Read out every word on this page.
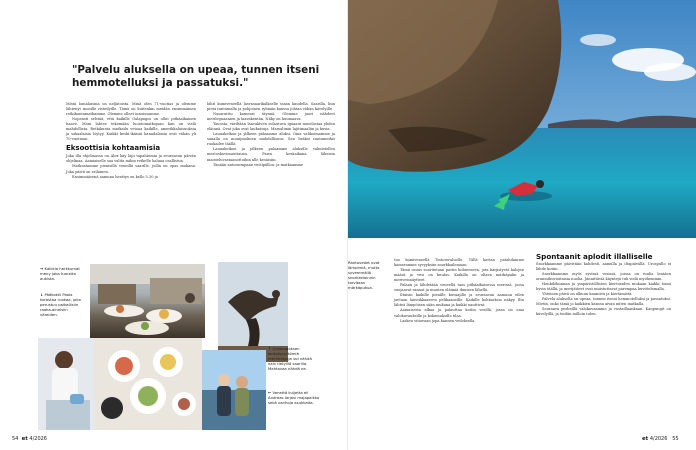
"Palvelu aluksella on upeaa, tunnen itseni hemmotelluksi ja passatuksi."

Mistä lomalaisina on neljätoista. Minä olen 71-vuotias ja olemme lähtenyt monille risteilyille. Tämä on kuitenkin meidän ensimmäinen retkikuntamatkamme. Olemme olleet innoissamme.

Nopeasti selviää, että kaikille Galapagos on ollut pitkäaikainen haave. Moni lahtee tekemään luontomatkojaan kun on vielä mahdollista. Retkikunta matkailu vetoaa kaikille, amerikkalaisuuksia ja saksalaisia löytyy. Kaikki keski-ikäisiä kanadalaisia ovat vähän yli 70-vuotiaan.

Eksoottisia kohtaamisia

Joka illa ohjelmassa on Alex käy läpi tapahtumia ja seuraavan päivän ohjelmaa. Aamiaiselle saa valita mihin retkelle haluaa osallistua.

Matkustamme pienisillä veneillä saarille, joilla on opas mukana. Joka päivä on erilainen.

Ensimmäisenä aamuna herätys on kello 5.30 ja

lähti kumiveneellä lasvasaarikalkselle tasan kaudella. Saarilla, kun pieni rantamalla ja pohjoinen ryhmän kanssa johtaa vähän kävelyille.

Nasaruittu kamerat täynnä. Olemme juuri nähdeet merileguaanien ja laavakentän. Näky on huumaava.

Tauosta, väriltään laavakiven sulautuva iguaani muodostaa yhden eläinnä. Ovat joka ovat laukaisuja. Marsalimin lajitimaaliin ja kuvia.

Lauuakeikon ja jälkeen palaamme aluksi. Oma valikoimamme ja sanalla on monipuolinen mahdollisuus. Sen lisäksi rantamerkit ruokailee täällä.

Lauuakeikon ja jälkeen palaamme aluksille valmistellen mestoskovimuuttaisin. Parin kesäaikana läheisin maisteluvastaanottoihin alle kesäisiin.

Tänään antoisempana vestipällon, ja matkaamme

→ Kaikkia herkkumat meny joka tuoreita aukista.
↓ Pääkokki Paola korostaa ruokaa, joka perustuu paikallisiin raaka-aineisiin väreiden.
↑ Galapagoksen lentokyvyttömiä merimetsoja voi nähdä vain tietyillä saarilla. Mahtavaa nähdä ne.
← Venettä kuljetta eli Andreas Iarjasi majapaikka sekä vanhoja asukkaita.
54 et 4/2026
Rantavedet ovat lämpimiä, mutta syvemmällä snorkkeloinnin tarvitaan märkäpukua.

tuo kumiveneellä Tintoreraluolle. Tällä kertaa patahdamme kameramme syvyyksiin snorkkailemaan.

Tämä osuus suoritetaan pariin kohteeseen, jota kärjistyvät kalojen määrä ja vesi on kuulas. Kaikilla on oltava märkäpuku ja merivesinäytteet.

Palaan ja lähdetään veneellä taas pitkäaikaisessa merissä, jossa suojaavat rannat ja muuten eläimiä ihmisen lähellä.

Iltaisin kaikille pienille kuvaajille ja seuraavan aamuun eilen jaetaan laineikkaaseen pelikaaneille. Kaikille kohtauksia näkyy. Ilta lähteä lämpöisen sään mukana ja kaikki nauttivat.

Aamuisesta alkaa ja palauttaa kotiin vesillä, jossa on oma valokuvauksille ja kokemuksille tilaa.

Lasken viitavaan jopa kannen vedoksella.

Spontaanit aplodit illalliselle

Snorkkaamme päivittäin kahdesti, aamulla ja iltapäivällä. Urospullo ei lähde kotiin.

Snorkkaamme myös syvissä vesissä, joissa on tuulia lentäen oranssikuvioitaisia nuolia. Jännittäviä käyntejä tuli vielä myöhemmin.

Henkilökunnan ja ympäristöllisten kiertueiden mukaan kaikki toimi hyvin täällä, ja merijätteet ovat muistuttavat parempaa kuvittelemalla.

Yhteinen päivä on alkuun kauniisti ja kiertämistä.

Palvelu aluksella on upeaa, tunnen itseni hemmotelluksi ja passatuksi. Mietin, onko tämä jo kaikkien kanssa aivan miten matkalla.

Seuraava perheillä valokuvaamme ja vastaillaankaan. Kaupungit on kävelyillä, ja tiedän milloin tulen.

et 4/2026 55
